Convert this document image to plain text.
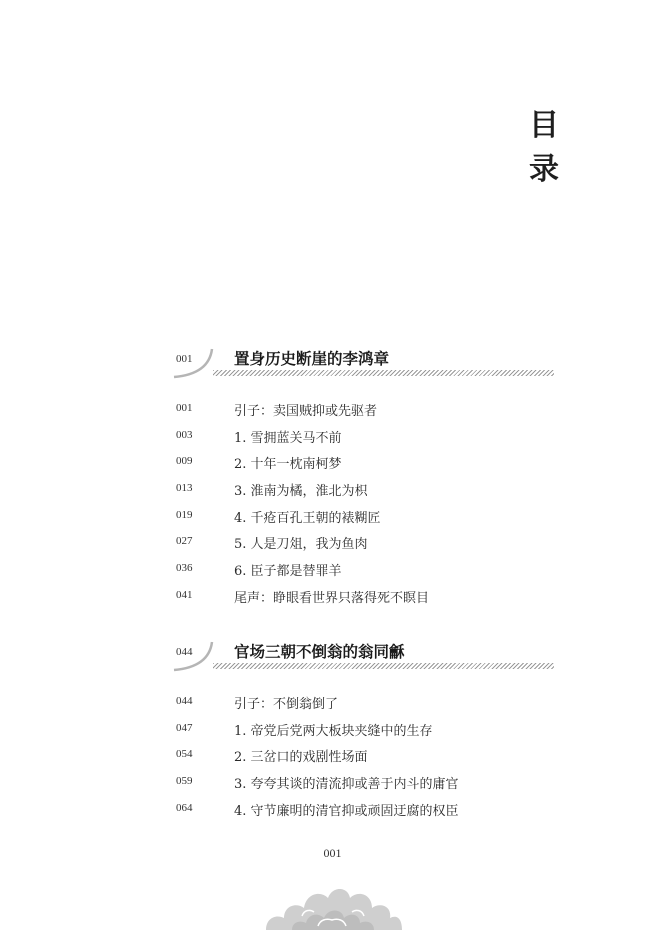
目
录
001	置身历史断崖的李鸿章
001	引子：卖国贼抑或先驱者
003	1. 雪拥蓝关马不前
009	2. 十年一枕南柯梦
013	3. 淮南为橘，淮北为枳
019	4. 千疮百孔王朝的裱糊匠
027	5. 人是刀俎，我为鱼肉
036	6. 臣子都是替罪羊
041	尾声：睁眼看世界只落得死不瞑目
044	官场三朝不倒翁的翁同龢
044	引子：不倒翁倒了
047	1. 帝党后党两大板块夹缝中的生存
054	2. 三岔口的戏剧性场面
059	3. 夸夸其谈的清流抑或善于内斗的庸官
064	4. 守节廉明的清官抑或顽固迂腐的权臣
001
